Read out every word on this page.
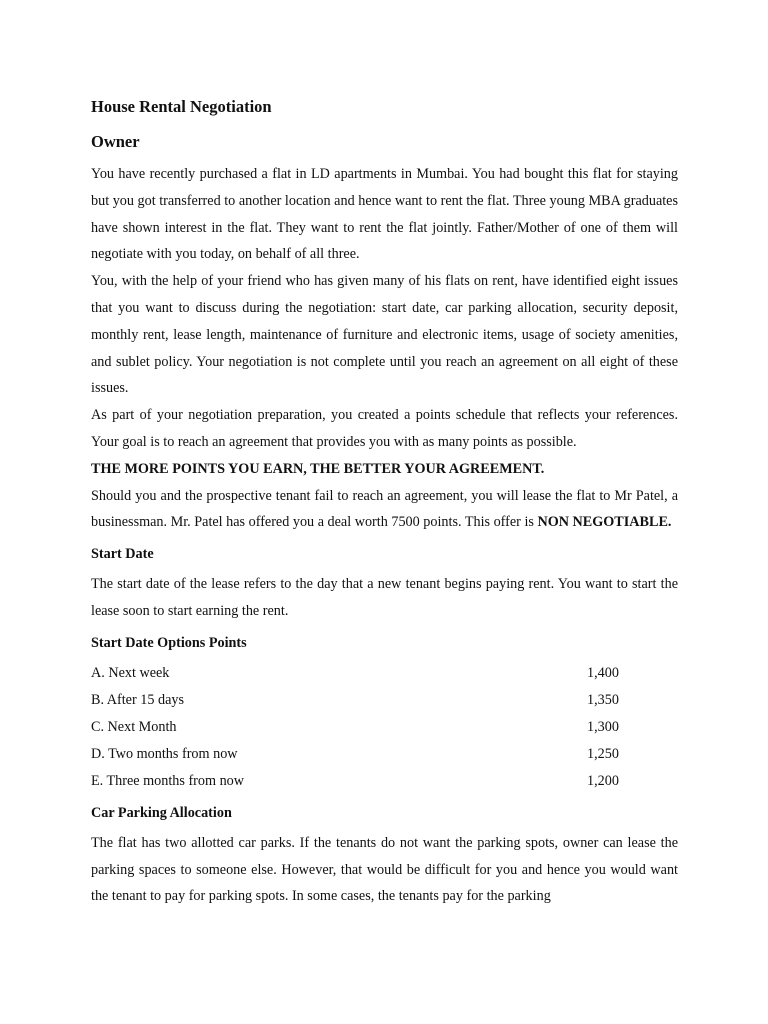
House Rental Negotiation
Owner

You have recently purchased a flat in LD apartments in Mumbai. You had bought this flat for staying but you got transferred to another location and hence want to rent the flat. Three young MBA graduates have shown interest in the flat. They want to rent the flat jointly. Father/Mother of one of them will negotiate with you today, on behalf of all three.

You, with the help of your friend who has given many of his flats on rent, have identified eight issues that you want to discuss during the negotiation: start date, car parking allocation, security deposit, monthly rent, lease length, maintenance of furniture and electronic items, usage of society amenities, and sublet policy. Your negotiation is not complete until you reach an agreement on all eight of these issues.

As part of your negotiation preparation, you created a points schedule that reflects your references. Your goal is to reach an agreement that provides you with as many points as possible.

THE MORE POINTS YOU EARN, THE BETTER YOUR AGREEMENT.

Should you and the prospective tenant fail to reach an agreement, you will lease the flat to Mr Patel, a businessman. Mr. Patel has offered you a deal worth 7500 points. This offer is NON NEGOTIABLE.

Start Date

The start date of the lease refers to the day that a new tenant begins paying rent. You want to start the lease soon to start earning the rent.

Start Date Options Points
A. Next week	1,400
B. After 15 days	1,350
C. Next Month	1,300
D. Two months from now	1,250
E. Three months from now	1,200
Car Parking Allocation

The flat has two allotted car parks. If the tenants do not want the parking spots, owner can lease the parking spaces to someone else. However, that would be difficult for you and hence you would want the tenant to pay for parking spots. In some cases, the tenants pay for the parking
